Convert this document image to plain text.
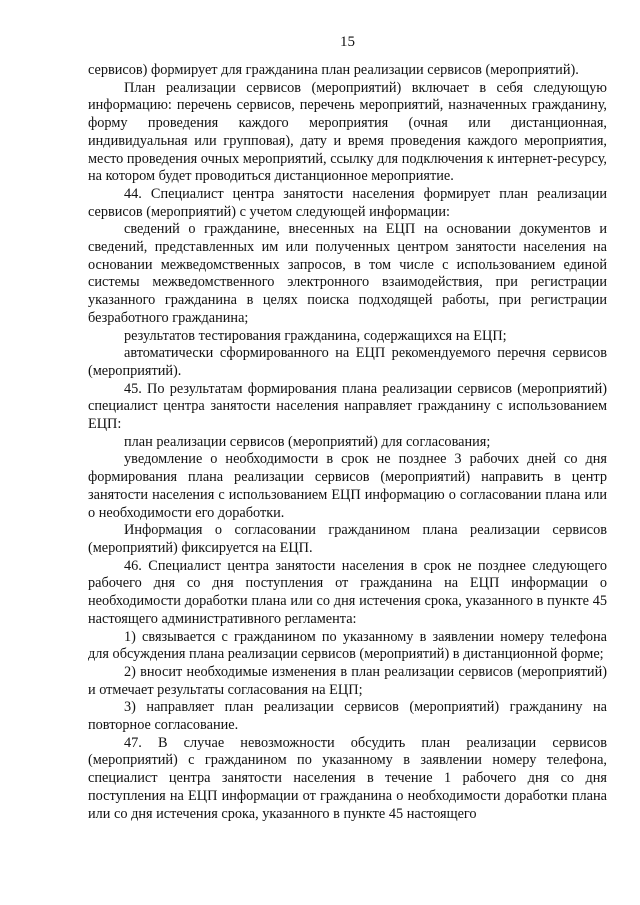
15

сервисов) формирует для гражданина план реализации сервисов (мероприятий).

План реализации сервисов (мероприятий) включает в себя следующую информацию: перечень сервисов, перечень мероприятий, назначенных гражданину, форму проведения каждого мероприятия (очная или дистанционная, индивидуальная или групповая), дату и время проведения каждого мероприятия, место проведения очных мероприятий, ссылку для подключения к интернет-ресурсу, на котором будет проводиться дистанционное мероприятие.

44. Специалист центра занятости населения формирует план реализации сервисов (мероприятий) с учетом следующей информации:

сведений о гражданине, внесенных на ЕЦП на основании документов и сведений, представленных им или полученных центром занятости населения на основании межведомственных запросов, в том числе с использованием единой системы межведомственного электронного взаимодействия, при регистрации указанного гражданина в целях поиска подходящей работы, при регистрации безработного гражданина;

результатов тестирования гражданина, содержащихся на ЕЦП;

автоматически сформированного на ЕЦП рекомендуемого перечня сервисов (мероприятий).

45. По результатам формирования плана реализации сервисов (мероприятий) специалист центра занятости населения направляет гражданину с использованием ЕЦП:

план реализации сервисов (мероприятий) для согласования;

уведомление о необходимости в срок не позднее 3 рабочих дней со дня формирования плана реализации сервисов (мероприятий) направить в центр занятости населения с использованием ЕЦП информацию о согласовании плана или о необходимости его доработки.

Информация о согласовании гражданином плана реализации сервисов (мероприятий) фиксируется на ЕЦП.

46. Специалист центра занятости населения в срок не позднее следующего рабочего дня со дня поступления от гражданина на ЕЦП информации о необходимости доработки плана или со дня истечения срока, указанного в пункте 45 настоящего административного регламента:

1) связывается с гражданином по указанному в заявлении номеру телефона для обсуждения плана реализации сервисов (мероприятий) в дистанционной форме;

2) вносит необходимые изменения в план реализации сервисов (мероприятий) и отмечает результаты согласования на ЕЦП;

3) направляет план реализации сервисов (мероприятий) гражданину на повторное согласование.

47. В случае невозможности обсудить план реализации сервисов (мероприятий) с гражданином по указанному в заявлении номеру телефона, специалист центра занятости населения в течение 1 рабочего дня со дня поступления на ЕЦП информации от гражданина о необходимости доработки плана или со дня истечения срока, указанного в пункте 45 настоящего
